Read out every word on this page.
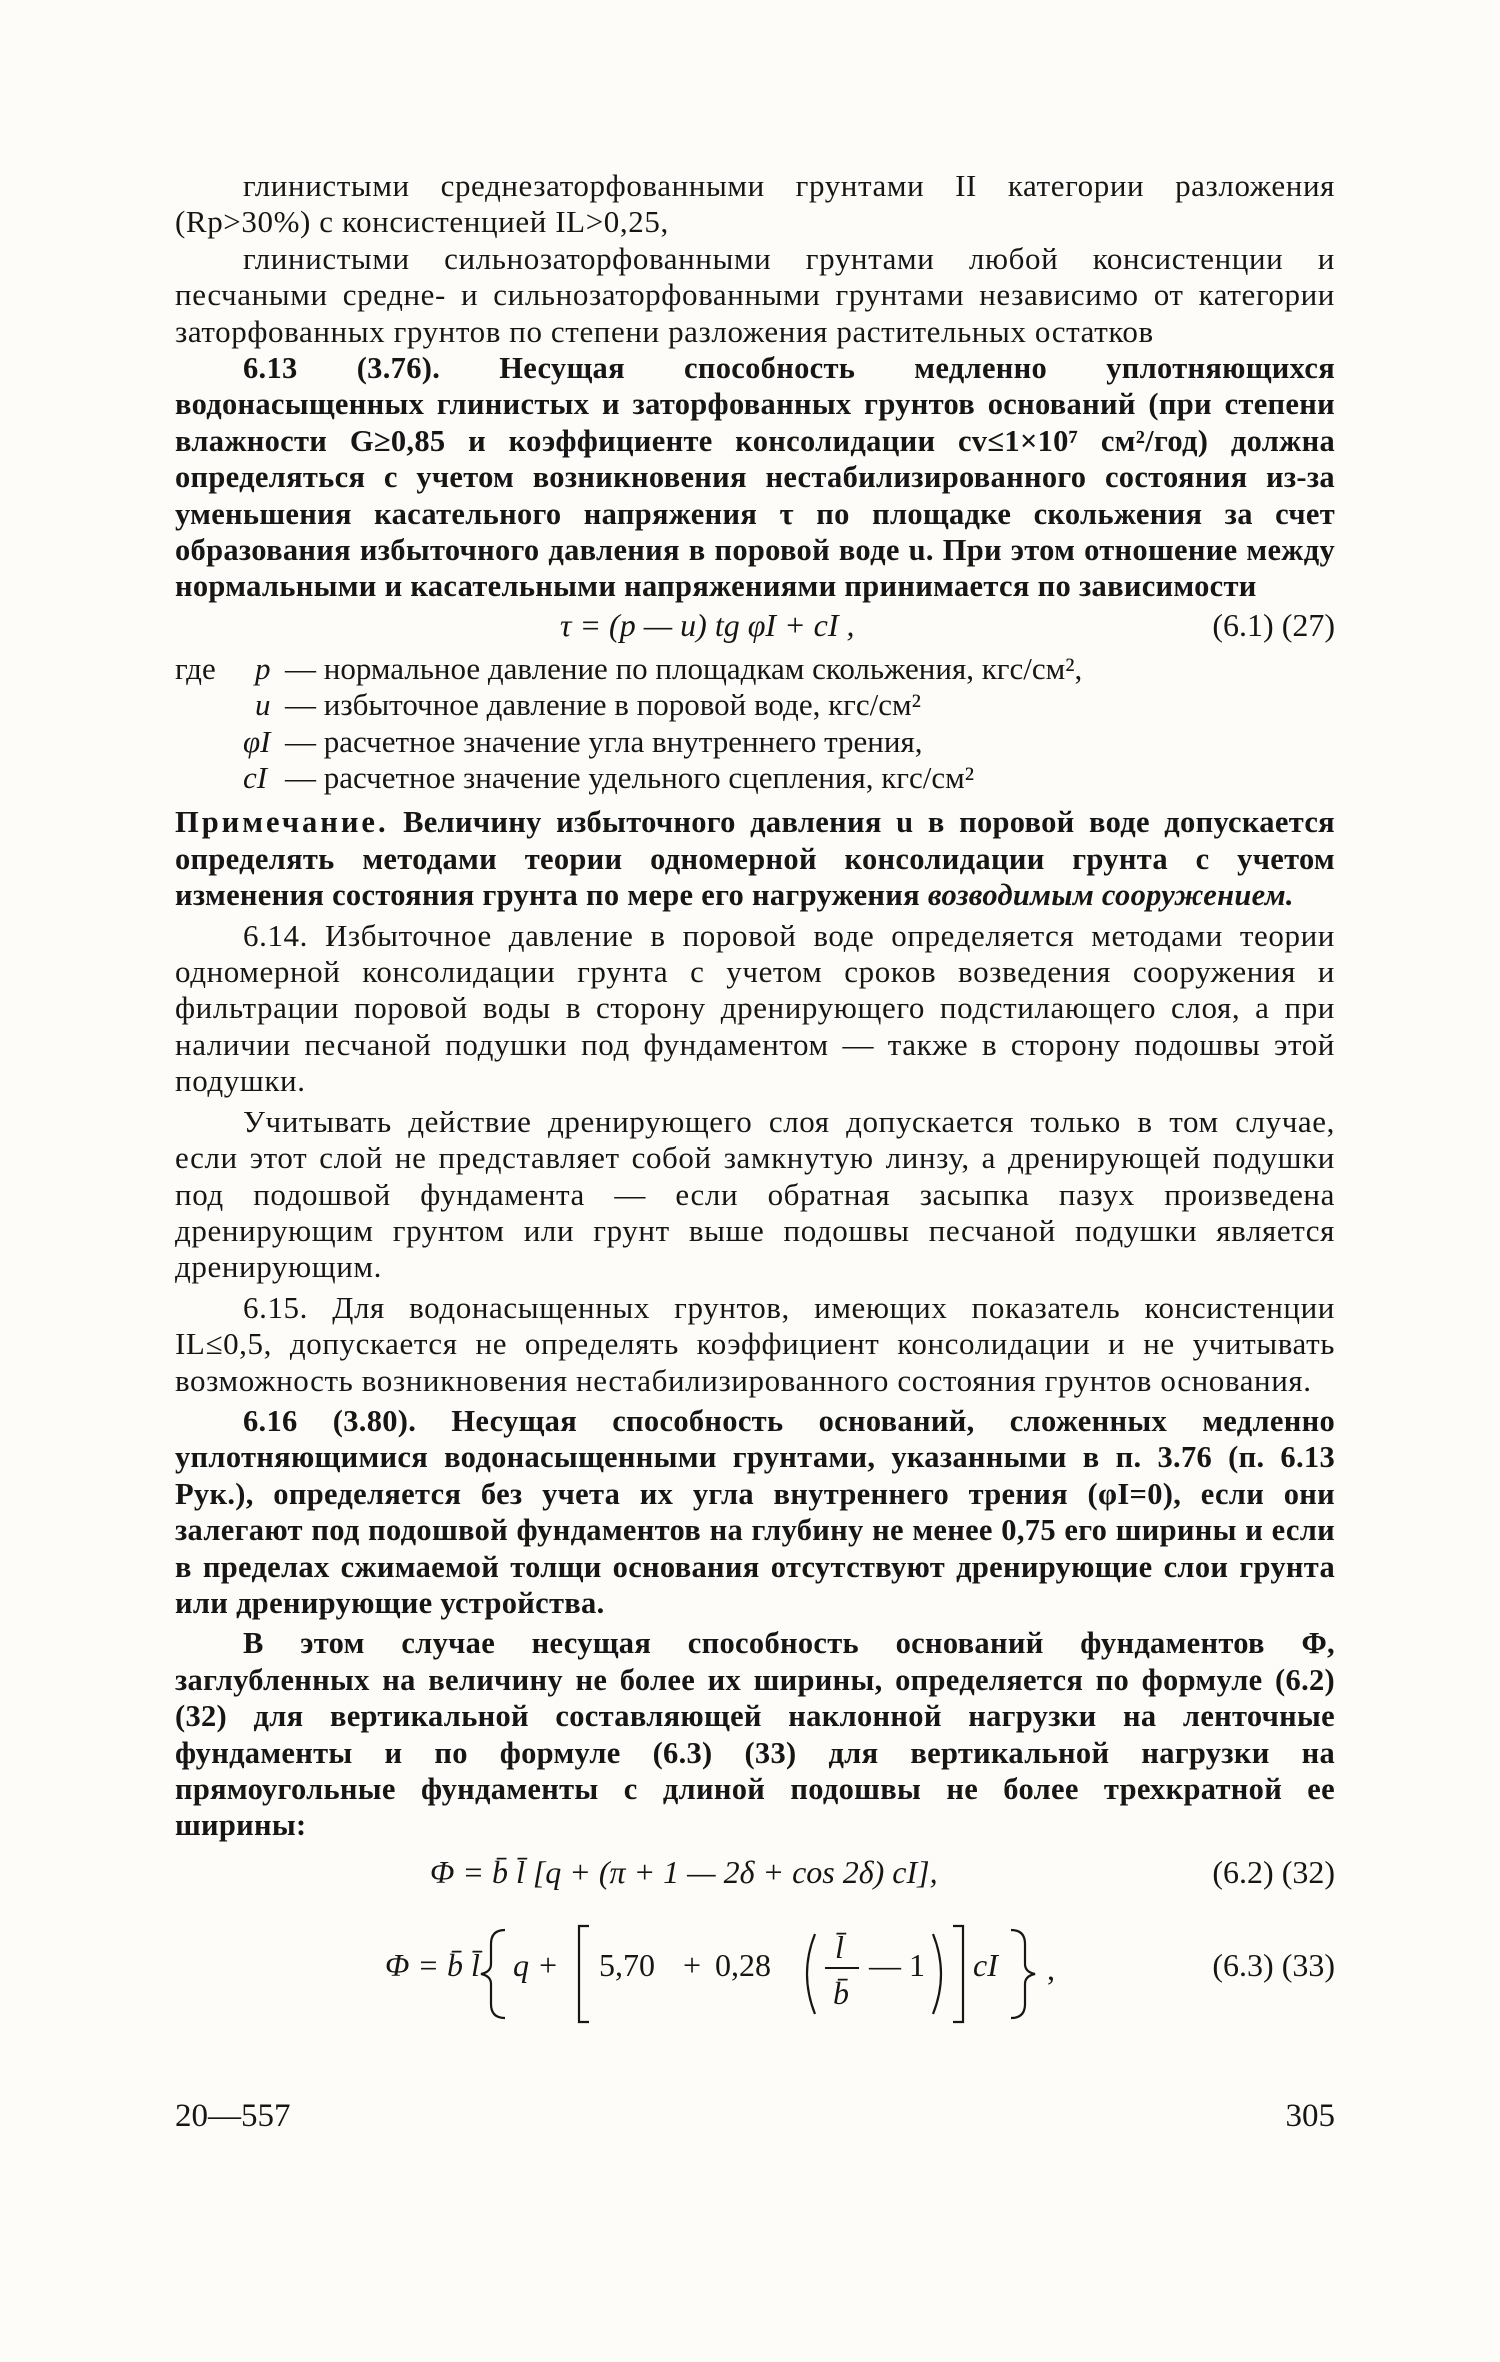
глинистыми среднезаторфованными грунтами II категории разложения (Rр>30%) с консистенцией IL>0,25,

глинистыми сильнозаторфованными грунтами любой консистенции и песчаными средне- и сильнозаторфованными грунтами независимо от категории заторфованных грунтов по степени разложения растительных остатков

6.13 (3.76). Несущая способность медленно уплотняющихся водонасыщенных глинистых и заторфованных грунтов оснований (при степени влажности G≥0,85 и коэффициенте консолидации cv≤1×10⁷ см²/год) должна определяться с учетом возникновения нестабилизированного состояния из-за уменьшения касательного напряжения τ по площадке скольжения за счет образования избыточного давления в поровой воде u. При этом отношение между нормальными и касательными напряжениями принимается по зависимости

τ = (p — u) tg φI + cI ,	(6.1) (27)
где p — нормальное давление по площадкам скольжения, кгс/см²,
u — избыточное давление в поровой воде, кгс/см²
φI — расчетное значение угла внутреннего трения,
cI — расчетное значение удельного сцепления, кгс/см²

Примечание. Величину избыточного давления u в поровой воде допускается определять методами теории одномерной консолидации грунта с учетом изменения состояния грунта по мере его нагружения возводимым сооружением.

6.14. Избыточное давление в поровой воде определяется методами теории одномерной консолидации грунта с учетом сроков возведения сооружения и фильтрации поровой воды в сторону дренирующего подстилающего слоя, а при наличии песчаной подушки под фундаментом — также в сторону подошвы этой подушки.

Учитывать действие дренирующего слоя допускается только в том случае, если этот слой не представляет собой замкнутую линзу, а дренирующей подушки под подошвой фундамента — если обратная засыпка пазух произведена дренирующим грунтом или грунт выше подошвы песчаной подушки является дренирующим.

6.15. Для водонасыщенных грунтов, имеющих показатель консистенции IL≤0,5, допускается не определять коэффициент консолидации и не учитывать возможность возникновения нестабилизированного состояния грунтов основания.

6.16 (3.80). Несущая способность оснований, сложенных медленно уплотняющимися водонасыщенными грунтами, указанными в п. 3.76 (п. 6.13 Рук.), определяется без учета их угла внутреннего трения (φI=0), если они залегают под подошвой фундаментов на глубину не менее 0,75 его ширины и если в пределах сжимаемой толщи основания отсутствуют дренирующие слои грунта или дренирующие устройства.

В этом случае несущая способность оснований фундаментов Φ, заглубленных на величину не более их ширины, определяется по формуле (6.2) (32) для вертикальной составляющей наклонной нагрузки на ленточные фундаменты и по формуле (6.3) (33) для вертикальной нагрузки на прямоугольные фундаменты с длиной подошвы не более трехкратной ее ширины:

Φ = b̄ l̄ [q + (π + 1 — 2δ + cos 2δ) cI],	(6.2) (32)
Φ = b̄ l̄ q + 5,70 + 0,28 l̄
b̄
— 1 cI ,	(6.3) (33)
20—557	305
